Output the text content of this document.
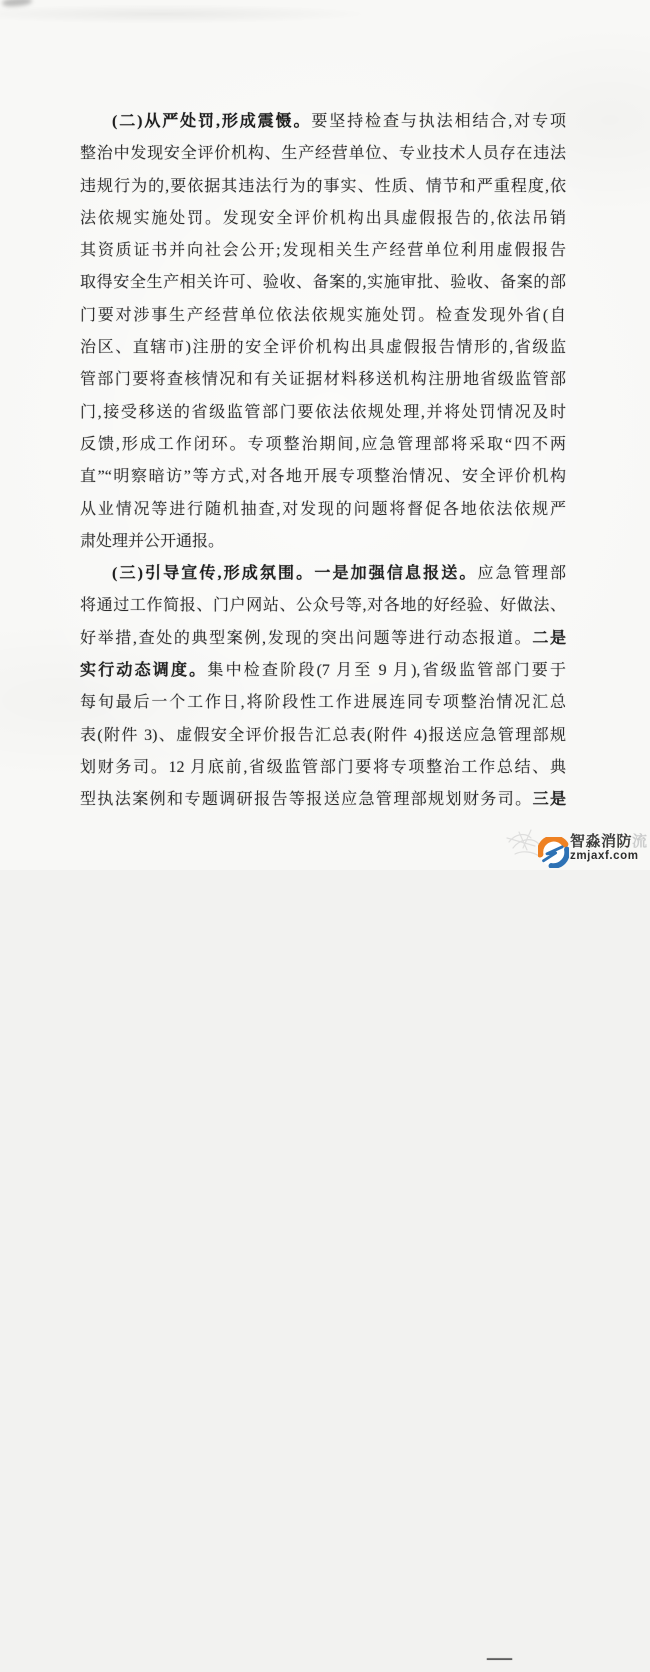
(二)从严处罚,形成震慑。要坚持检查与执法相结合,对专项
整治中发现安全评价机构、生产经营单位、专业技术人员存在违法
违规行为的,要依据其违法行为的事实、性质、情节和严重程度,依
法依规实施处罚。发现安全评价机构出具虚假报告的,依法吊销
其资质证书并向社会公开;发现相关生产经营单位利用虚假报告
取得安全生产相关许可、验收、备案的,实施审批、验收、备案的部
门要对涉事生产经营单位依法依规实施处罚。检查发现外省(自
治区、直辖市)注册的安全评价机构出具虚假报告情形的,省级监
管部门要将查核情况和有关证据材料移送机构注册地省级监管部
门,接受移送的省级监管部门要依法依规处理,并将处罚情况及时
反馈,形成工作闭环。专项整治期间,应急管理部将采取“四不两
直”“明察暗访”等方式,对各地开展专项整治情况、安全评价机构
从业情况等进行随机抽查,对发现的问题将督促各地依法依规严
肃处理并公开通报。
(三)引导宣传,形成氛围。一是加强信息报送。应急管理部
将通过工作简报、门户网站、公众号等,对各地的好经验、好做法、
好举措,查处的典型案例,发现的突出问题等进行动态报道。二是
实行动态调度。集中检查阶段(7 月至 9 月),省级监管部门要于
每旬最后一个工作日,将阶段性工作进展连同专项整治情况汇总
表(附件 3)、虚假安全评价报告汇总表(附件 4)报送应急管理部规
划财务司。12 月底前,省级监管部门要将专项整治工作总结、典
型执法案例和专题调研报告等报送应急管理部规划财务司。三是
—
智淼消防流
zmjaxf.com
